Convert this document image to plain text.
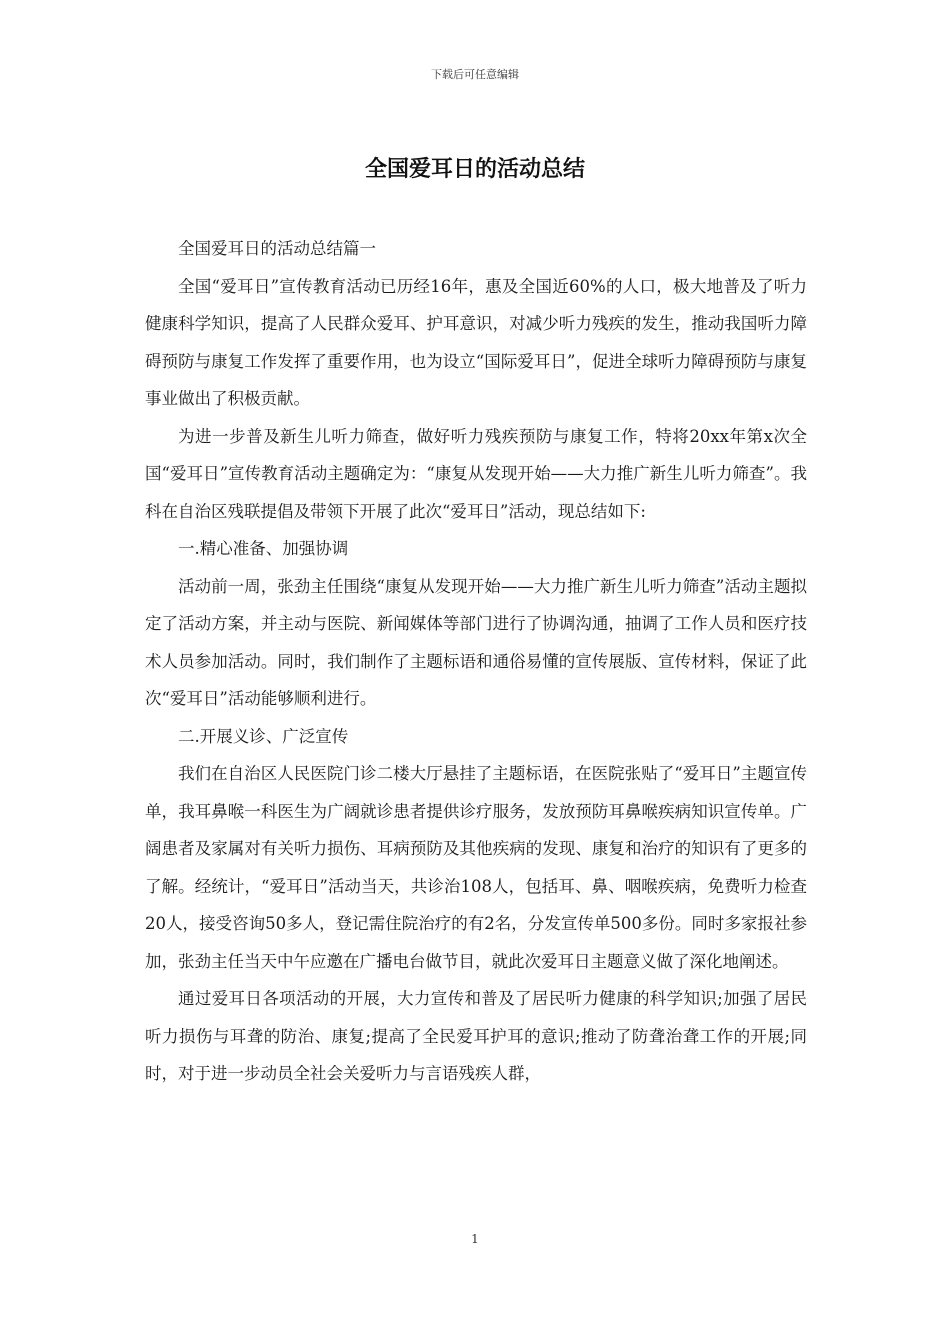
下载后可任意编辑
全国爱耳日的活动总结

全国爱耳日的活动总结篇一

全国“爱耳日”宣传教育活动已历经16年，惠及全国近60%的人口，极大地普及了听力健康科学知识，提高了人民群众爱耳、护耳意识，对减少听力残疾的发生，推动我国听力障碍预防与康复工作发挥了重要作用，也为设立“国际爱耳日”，促进全球听力障碍预防与康复事业做出了积极贡献。

为进一步普及新生儿听力筛查，做好听力残疾预防与康复工作，特将20xx年第x次全国“爱耳日”宣传教育活动主题确定为：“康复从发现开始——大力推广新生儿听力筛查”。我科在自治区残联提倡及带领下开展了此次“爱耳日”活动，现总结如下:

一.精心准备、加强协调

活动前一周，张劲主任围绕“康复从发现开始——大力推广新生儿听力筛查”活动主题拟定了活动方案，并主动与医院、新闻媒体等部门进行了协调沟通，抽调了工作人员和医疗技术人员参加活动。同时，我们制作了主题标语和通俗易懂的宣传展版、宣传材料，保证了此次“爱耳日”活动能够顺利进行。

二.开展义诊、广泛宣传

我们在自治区人民医院门诊二楼大厅悬挂了主题标语，在医院张贴了“爱耳日”主题宣传单，我耳鼻喉一科医生为广阔就诊患者提供诊疗服务，发放预防耳鼻喉疾病知识宣传单。广阔患者及家属对有关听力损伤、耳病预防及其他疾病的发现、康复和治疗的知识有了更多的了解。经统计，“爱耳日”活动当天，共诊治108人，包括耳、鼻、咽喉疾病，免费听力检查20人，接受咨询50多人，登记需住院治疗的有2名，分发宣传单500多份。同时多家报社参加，张劲主任当天中午应邀在广播电台做节目，就此次爱耳日主题意义做了深化地阐述。

通过爱耳日各项活动的开展，大力宣传和普及了居民听力健康的科学知识;加强了居民听力损伤与耳聋的防治、康复;提高了全民爱耳护耳的意识;推动了防聋治聋工作的开展;同时，对于进一步动员全社会关爱听力与言语残疾人群，

1
